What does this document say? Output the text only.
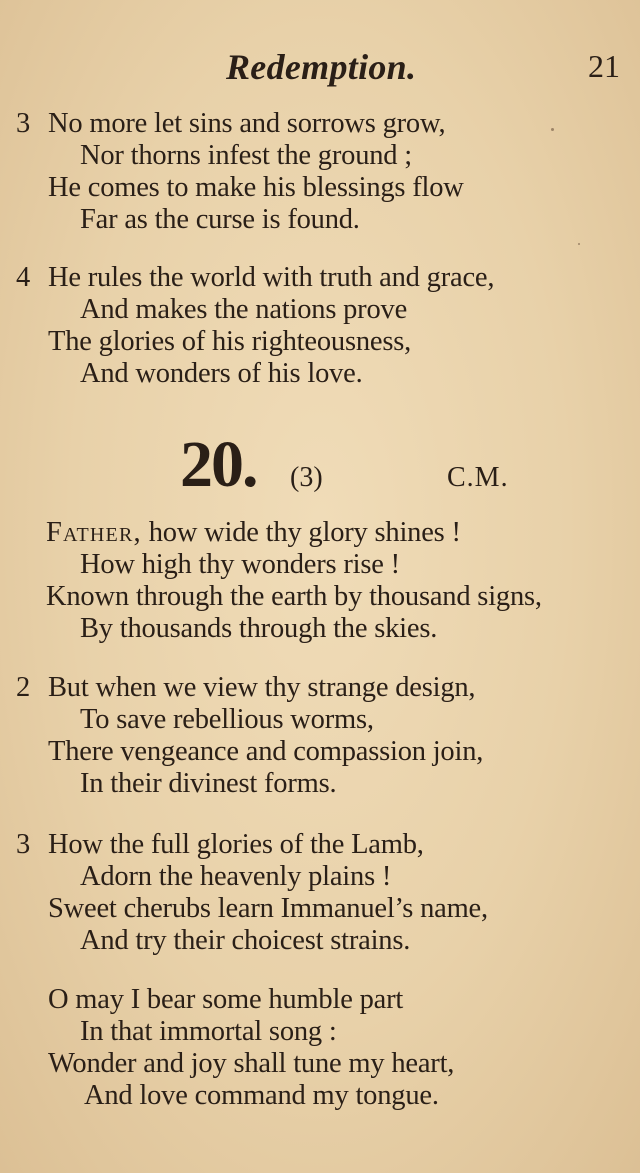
Redemption.	21
3 No more let sins and sorrows grow,
Nor thorns infest the ground ;
He comes to make his blessings flow
Far as the curse is found.
4 He rules the world with truth and grace,
And makes the nations prove
The glories of his righteousness,
And wonders of his love.
20. (3)	C.M.
Father, how wide thy glory shines !
How high thy wonders rise !
Known through the earth by thousand signs,
By thousands through the skies.
2 But when we view thy strange design,
To save rebellious worms,
There vengeance and compassion join,
In their divinest forms.
3 How the full glories of the Lamb,
Adorn the heavenly plains !
Sweet cherubs learn Immanuel’s name,
And try their choicest strains.
O may I bear some humble part
In that immortal song :
Wonder and joy shall tune my heart,
And love command my tongue.
